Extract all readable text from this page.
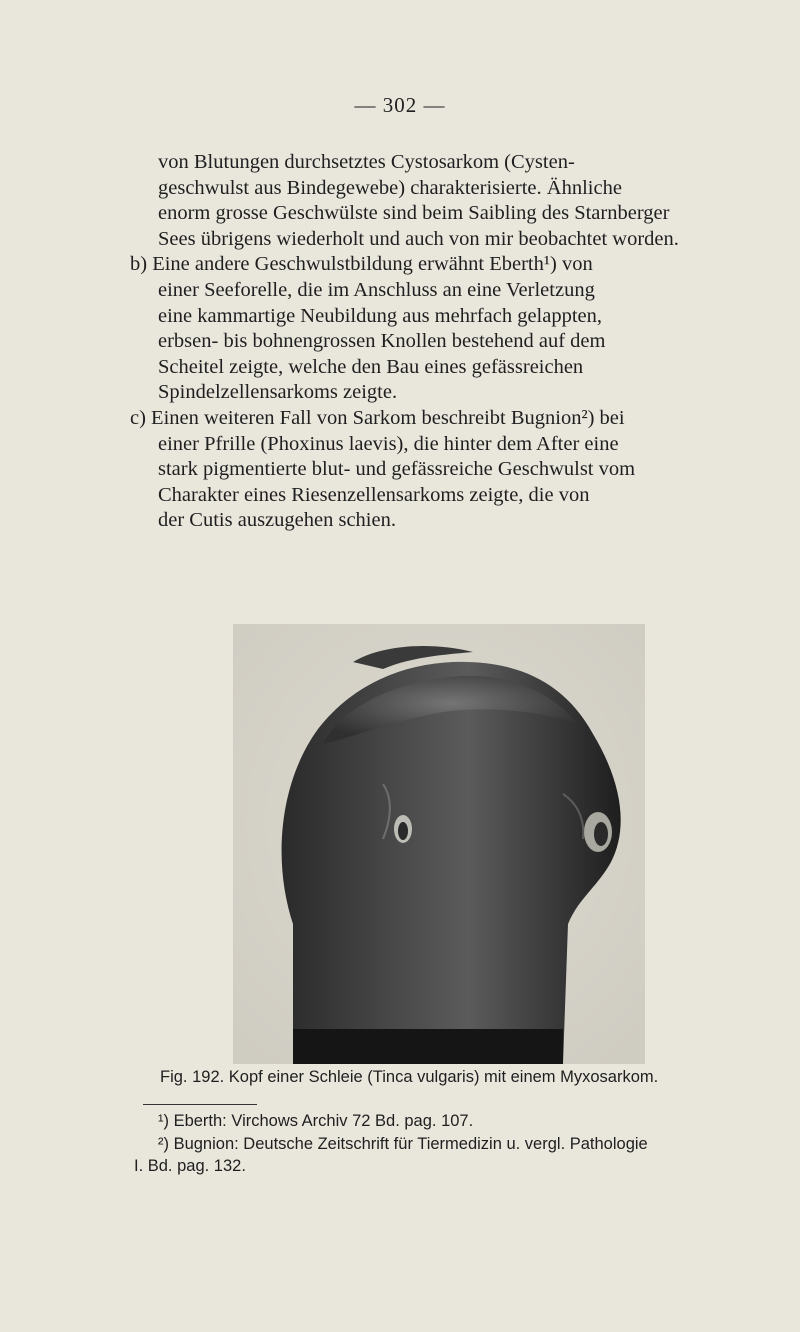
— 302 —
von Blutungen durchsetztes Cystosarkom (Cysten-
geschwulst aus Bindegewebe) charakterisierte. Ähnliche
enorm grosse Geschwülste sind beim Saibling des Starnberger
Sees übrigens wiederholt und auch von mir beobachtet worden.
b) Eine andere Geschwulstbildung erwähnt Eberth¹) von
einer Seeforelle, die im Anschluss an eine Verletzung
eine kammartige Neubildung aus mehrfach gelappten,
erbsen- bis bohnengrossen Knollen bestehend auf dem
Scheitel zeigte, welche den Bau eines gefässreichen
Spindelzellensarkoms zeigte.
c) Einen weiteren Fall von Sarkom beschreibt Bugnion²) bei
einer Pfrille (Phoxinus laevis), die hinter dem After eine
stark pigmentierte blut- und gefässreiche Geschwulst vom
Charakter eines Riesenzellensarkoms zeigte, die von
der Cutis auszugehen schien.
Fig. 192. Kopf einer Schleie (Tinca vulgaris) mit einem Myxosarkom.
¹) Eberth: Virchows Archiv 72 Bd. pag. 107.
²) Bugnion: Deutsche Zeitschrift für Tiermedizin u. vergl. Pathologie
I. Bd. pag. 132.
